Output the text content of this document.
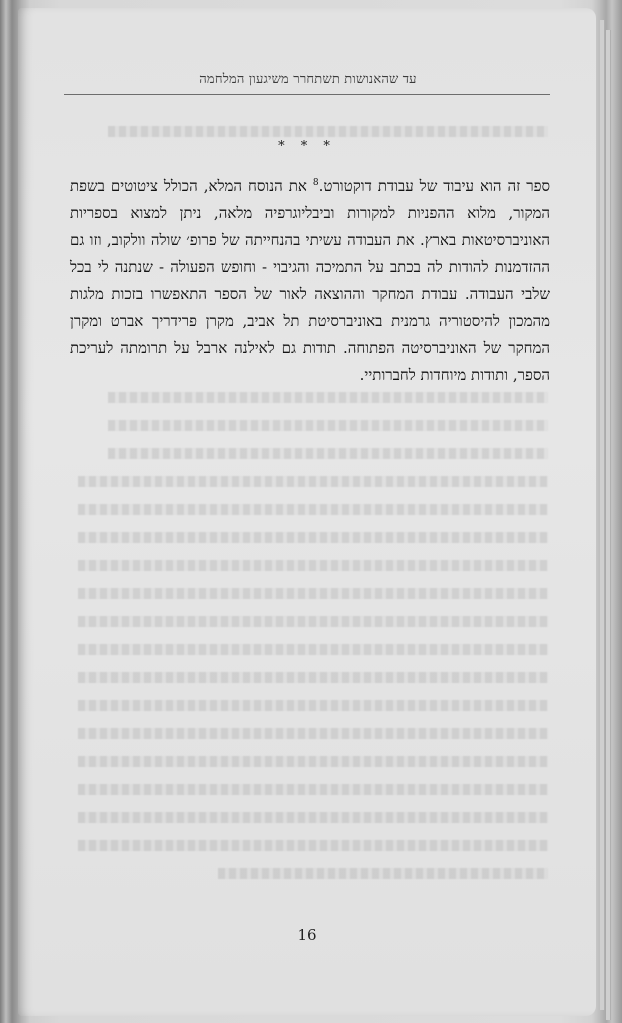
עד שהאנושות תשתחרר משיגעון המלחמה
* * *
ספר זה הוא עיבוד של עבודת דוקטורט.$^8$ את הנוסח המלא, הכולל ציטוטים בשפת המקור, מלוא ההפניות למקורות וביבליוגרפיה מלאה, ניתן למצוא בספריות האוניברסיטאות בארץ. את העבודה עשיתי בהנחייתה של פרופ׳ שולה וולקוב, וזו גם ההזדמנות להודות לה בכתב על התמיכה והגיבוי - וחופש הפעולה - שנתנה לי בכל שלבי העבודה. עבודת המחקר וההוצאה לאור של הספר התאפשרו בזכות מלגות מהמכון להיסטוריה גרמנית באוניברסיטת תל אביב, מקרן פרידריך אברט ומקרן המחקר של האוניברסיטה הפתוחה. תודות גם לאילנה ארבל על תרומתה לעריכת הספר, ותודות מיוחדות לחברותיי.
16
